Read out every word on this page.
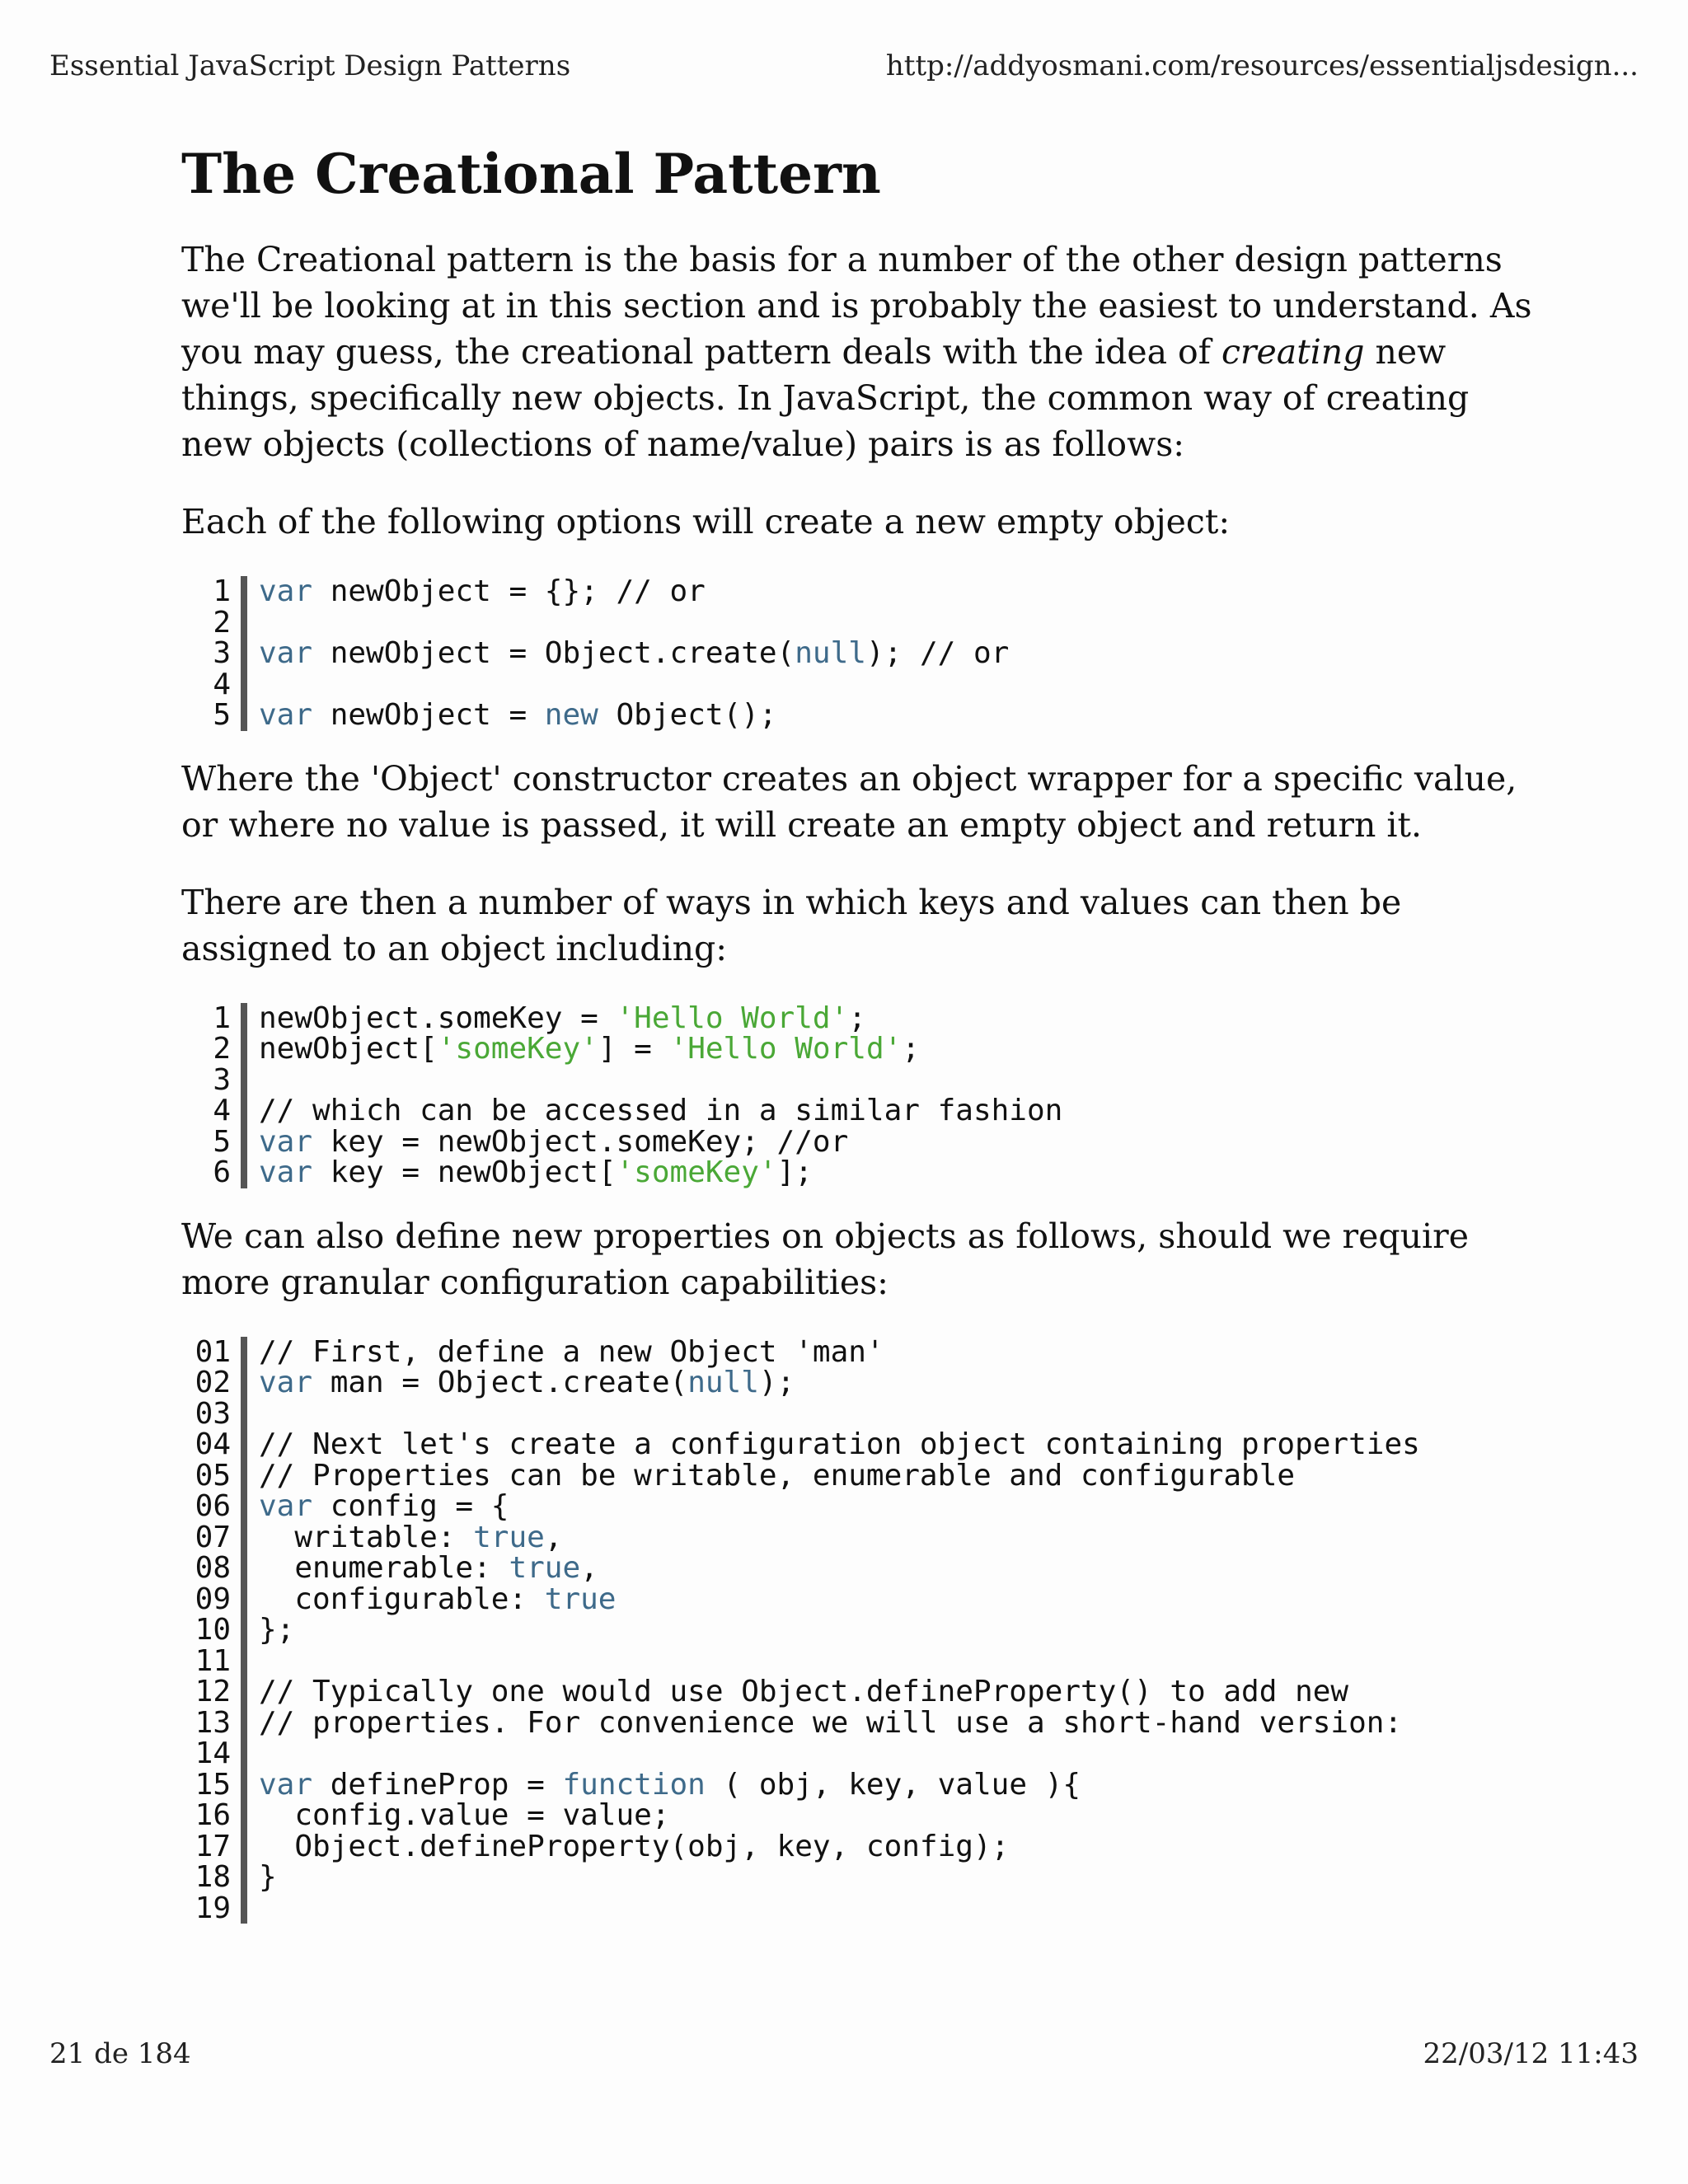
Essential JavaScript Design Patterns	http://addyosmani.com/resources/essentialjsdesign...
The Creational Pattern

The Creational pattern is the basis for a number of the other design patterns we'll be looking at in this section and is probably the easiest to understand. As you may guess, the creational pattern deals with the idea of creating new things, specifically new objects. In JavaScript, the common way of creating new objects (collections of name/value) pairs is as follows:

Each of the following options will create a new empty object:

1 var newObject = {}; // or
2

3 var newObject = Object.create(null); // or
4

5 var newObject = new Object();

Where the 'Object' constructor creates an object wrapper for a specific value, or where no value is passed, it will create an empty object and return it.

There are then a number of ways in which keys and values can then be assigned to an object including:

1 newObject.someKey = 'Hello World';
2 newObject['someKey'] = 'Hello World';
3

4 // which can be accessed in a similar fashion
5 var key = newObject.someKey; //or
6 var key = newObject['someKey'];

We can also define new properties on objects as follows, should we require more granular configuration capabilities:

01 // First, define a new Object 'man'
02 var man = Object.create(null);
03

04 // Next let's create a configuration object containing properties
05 // Properties can be writable, enumerable and configurable
06 var config = {
07 writable: true,
08 enumerable: true,
09 configurable: true
10 };
11

12 // Typically one would use Object.defineProperty() to add new
13 // properties. For convenience we will use a short-hand version:
14

15 var defineProp = function ( obj, key, value ){
16 config.value = value;
17 Object.defineProperty(obj, key, config);
18 }
19

21 de 184	22/03/12 11:43
